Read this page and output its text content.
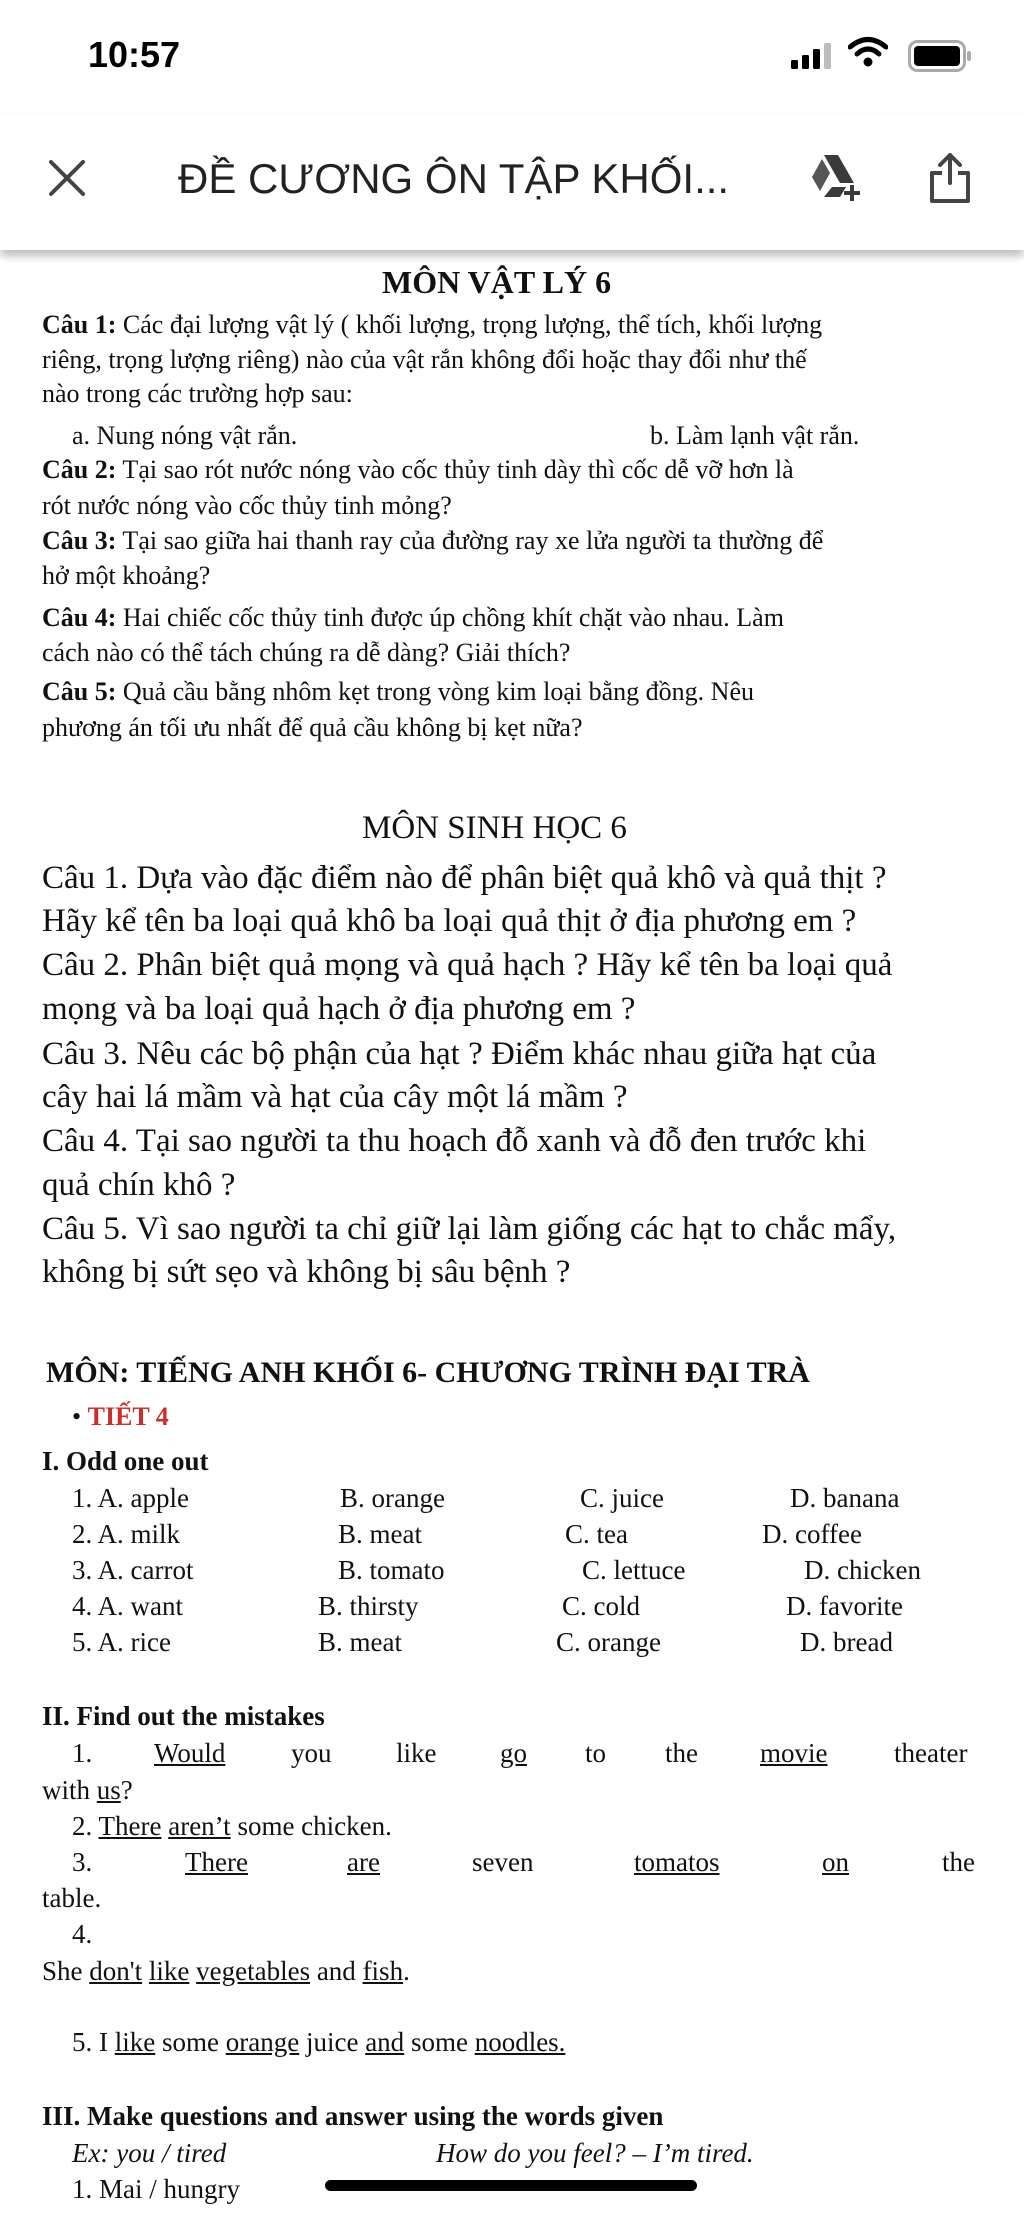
10:57
ĐỀ CƯƠNG ÔN TẬP KHỐI...
MÔN VẬT LÝ 6
Câu 1: Các đại lượng vật lý ( khối lượng, trọng lượng, thể tích, khối lượng
riêng, trọng lượng riêng) nào của vật rắn không đổi hoặc thay đổi như thế
nào trong các trường hợp sau:
a. Nung nóng vật rắn.	b. Làm lạnh vật rắn.
Câu 2: Tại sao rót nước nóng vào cốc thủy tinh dày thì cốc dễ vỡ hơn là
rót nước nóng vào cốc thủy tinh mỏng?
Câu 3: Tại sao giữa hai thanh ray của đường ray xe lửa người ta thường để
hở một khoảng?
Câu 4: Hai chiếc cốc thủy tinh được úp chồng khít chặt vào nhau. Làm
cách nào có thể tách chúng ra dễ dàng? Giải thích?
Câu 5: Quả cầu bằng nhôm kẹt trong vòng kim loại bằng đồng. Nêu
phương án tối ưu nhất để quả cầu không bị kẹt nữa?
MÔN SINH HỌC 6
Câu 1. Dựa vào đặc điểm nào để phân biệt quả khô và quả thịt ?
Hãy kể tên ba loại quả khô ba loại quả thịt ở địa phương em ?
Câu 2. Phân biệt quả mọng và quả hạch ? Hãy kể tên ba loại quả
mọng và ba loại quả hạch ở địa phương em ?
Câu 3. Nêu các bộ phận của hạt ? Điểm khác nhau giữa hạt của
cây hai lá mầm và hạt của cây một lá mầm ?
Câu 4. Tại sao người ta thu hoạch đỗ xanh và đỗ đen trước khi
quả chín khô ?
Câu 5. Vì sao người ta chỉ giữ lại làm giống các hạt to chắc mẩy,
không bị sứt sẹo và không bị sâu bệnh ?
MÔN: TIẾNG ANH KHỐI 6- CHƯƠNG TRÌNH ĐẠI TRÀ
• TIẾT 4
I. Odd one out
1. A. apple	B. orange	C. juice	D. banana
2. A. milk	B. meat	C. tea	D. coffee
3. A. carrot	B. tomato	C. lettuce	D. chicken
4. A. want	B. thirsty	C. cold	D. favorite
5. A. rice	B. meat	C. orange	D. bread
II. Find out the mistakes
1. Would you like go to the movie theater
with us?
2. There aren’t some chicken.
3.	There	are	seven	tomatos	on	the
table.
4.
She don't like vegetables and fish.
5. I like some orange juice and some noodles.
III. Make questions and answer using the words given
Ex: you / tired	How do you feel? – I’m tired.
1. Mai / hungry
